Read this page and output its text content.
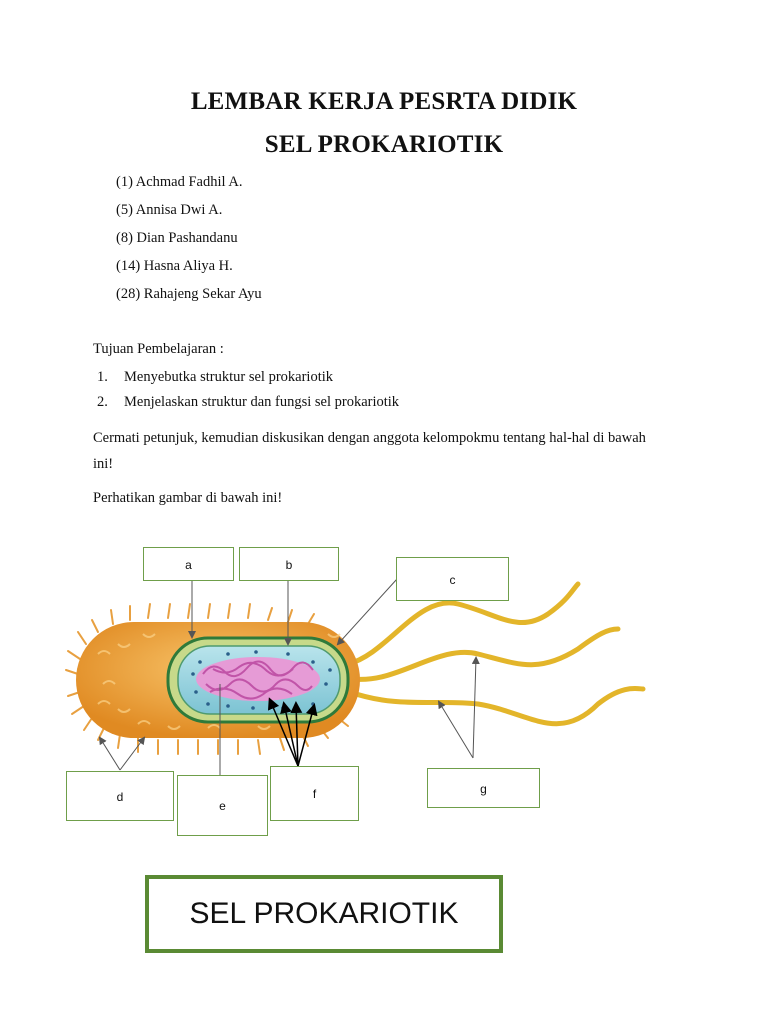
LEMBAR KERJA PESRTA DIDIK
SEL PROKARIOTIK
(1) Achmad Fadhil A.
(5) Annisa Dwi A.
(8) Dian Pashandanu
(14) Hasna Aliya H.
(28) Rahajeng Sekar Ayu
Tujuan Pembelajaran :
1. Menyebutka struktur sel prokariotik
2. Menjelaskan struktur dan fungsi sel prokariotik
Cermati petunjuk, kemudian diskusikan dengan anggota kelompokmu tentang hal-hal di bawah ini!
Perhatikan gambar di bawah ini!
a	b
c
d
e
f	g
SEL PROKARIOTIK
